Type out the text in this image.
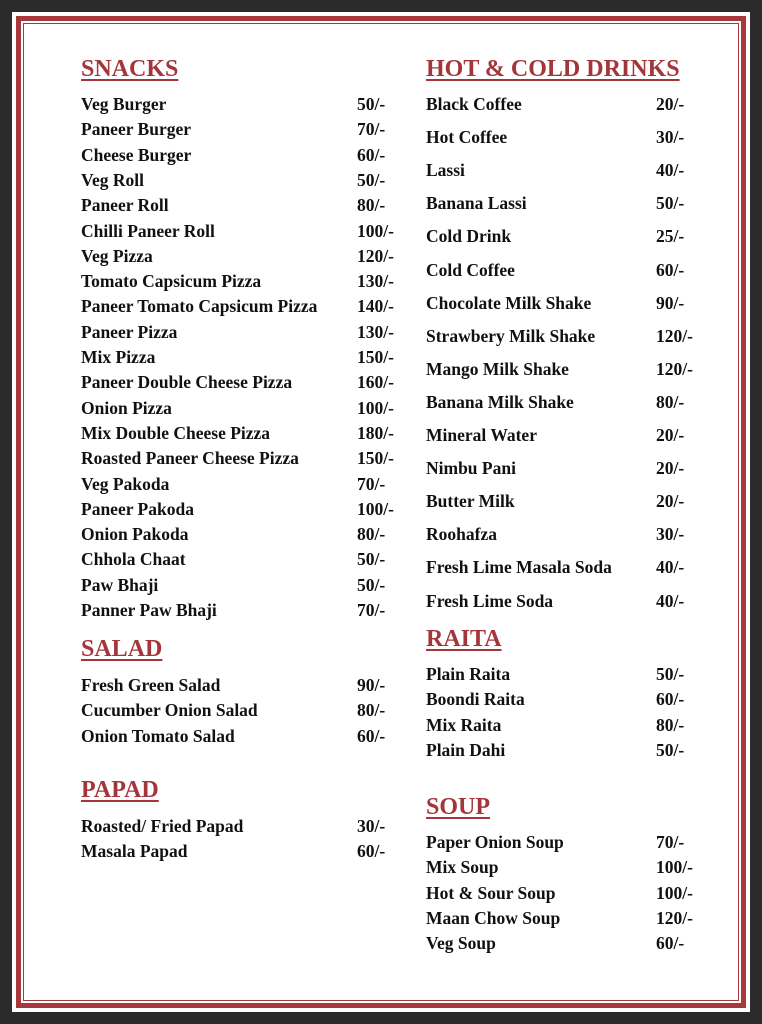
SNACKS
Veg Burger	50/-
Paneer Burger	70/-
Cheese Burger	60/-
Veg Roll	50/-
Paneer Roll	80/-
Chilli Paneer Roll	100/-
Veg Pizza	120/-
Tomato Capsicum Pizza	130/-
Paneer Tomato Capsicum Pizza 140/-
Paneer Pizza	130/-
Mix Pizza	150/-
Paneer Double Cheese Pizza	160/-
Onion Pizza	100/-
Mix Double Cheese Pizza	180/-
Roasted Paneer Cheese Pizza	150/-
Veg Pakoda	70/-
Paneer Pakoda	100/-
Onion Pakoda	80/-
Chhola Chaat	50/-
Paw Bhaji	50/-
Panner Paw Bhaji	70/-
SALAD
Fresh Green Salad	90/-
Cucumber Onion Salad	80/-
Onion Tomato Salad	60/-
PAPAD
Roasted/ Fried Papad	30/-
Masala Papad	60/-
HOT & COLD DRINKS
Black Coffee	20/-
Hot Coffee	30/-
Lassi	40/-
Banana Lassi	50/-
Cold Drink	25/-
Cold Coffee	60/-
Chocolate Milk Shake	90/-
Strawbery Milk Shake	120/-
Mango Milk Shake	120/-
Banana Milk Shake	80/-
Mineral Water	20/-
Nimbu Pani	20/-
Butter Milk	20/-
Roohafza	30/-
Fresh Lime Masala Soda	40/-
Fresh Lime Soda	40/-
RAITA
Plain Raita	50/-
Boondi Raita	60/-
Mix Raita	80/-
Plain Dahi	50/-
SOUP
Paper Onion Soup	70/-
Mix Soup	100/-
Hot & Sour Soup	100/-
Maan Chow Soup	120/-
Veg Soup	60/-
